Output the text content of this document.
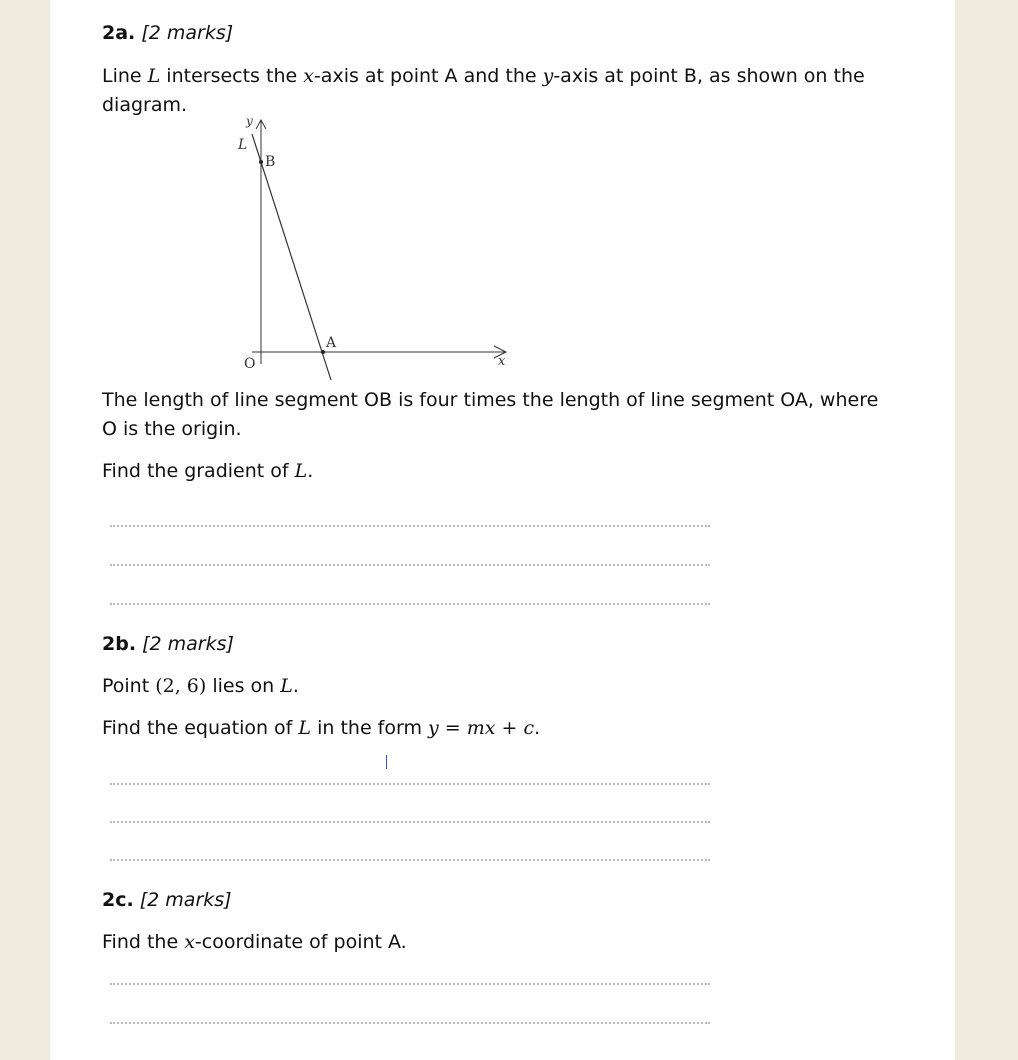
2a. [2 marks]
Line L intersects the x-axis at point A and the y-axis at point B, as shown on the
diagram.
y
L
B
A
O	x
The length of line segment OB is four times the length of line segment OA, where
O is the origin.
Find the gradient of L.
2b. [2 marks]
Point (2, 6) lies on L.
Find the equation of L in the form y = mx + c.
2c. [2 marks]
Find the x-coordinate of point A.
